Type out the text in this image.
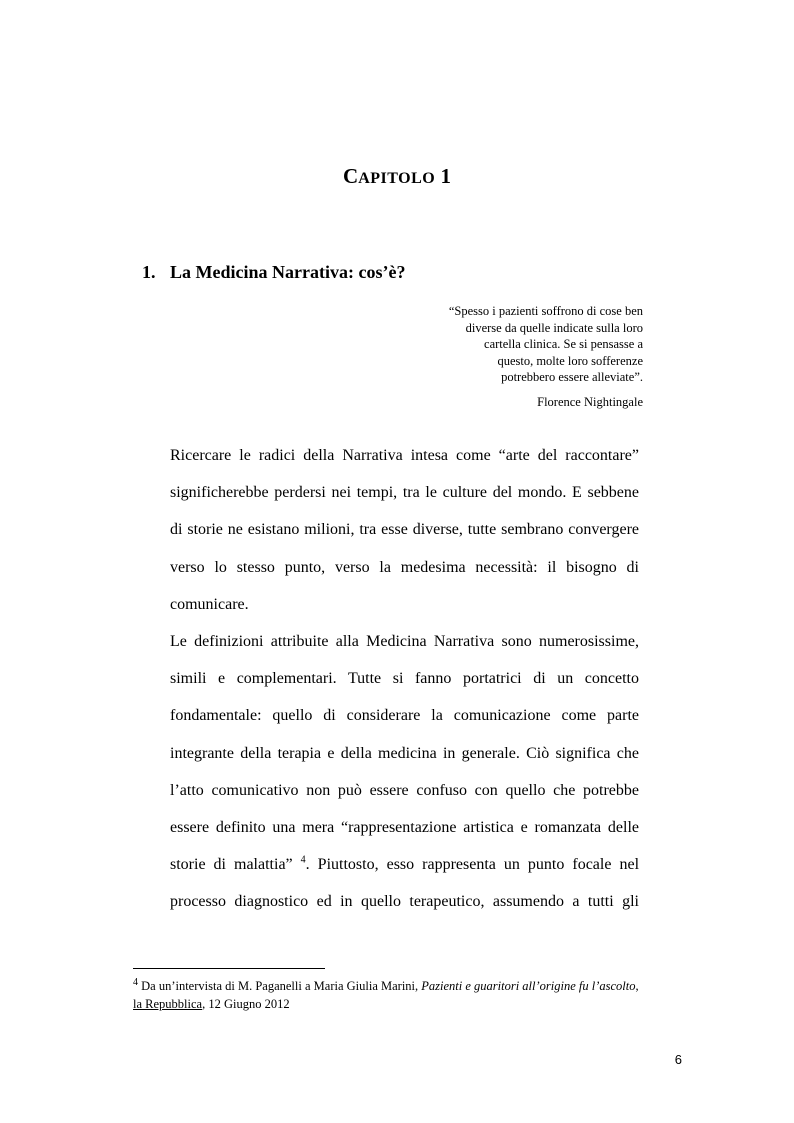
CAPITOLO 1
1. La Medicina Narrativa: cos’è?
“Spesso i pazienti soffrono di cose ben
diverse da quelle indicate sulla loro
cartella clinica. Se si pensasse a
questo, molte loro sofferenze
potrebbero essere alleviate”.
Florence Nightingale
Ricercare le radici della Narrativa intesa come “arte del raccontare”
significherebbe perdersi nei tempi, tra le culture del mondo. E sebbene
di storie ne esistano milioni, tra esse diverse, tutte sembrano convergere
verso lo stesso punto, verso la medesima necessità: il bisogno di
comunicare.
Le definizioni attribuite alla Medicina Narrativa sono numerosissime,
simili e complementari. Tutte si fanno portatrici di un concetto
fondamentale: quello di considerare la comunicazione come parte
integrante della terapia e della medicina in generale. Ciò significa che
l’atto comunicativo non può essere confuso con quello che potrebbe
essere definito una mera “rappresentazione artistica e romanzata delle
storie di malattia” $^4$. Piuttosto, esso rappresenta un punto focale nel
processo diagnostico ed in quello terapeutico, assumendo a tutti gli
$^4$ Da un’intervista di M. Paganelli a Maria Giulia Marini, Pazienti e guaritori all’origine fu l’ascolto,
la Repubblica, 12 Giugno 2012
6
